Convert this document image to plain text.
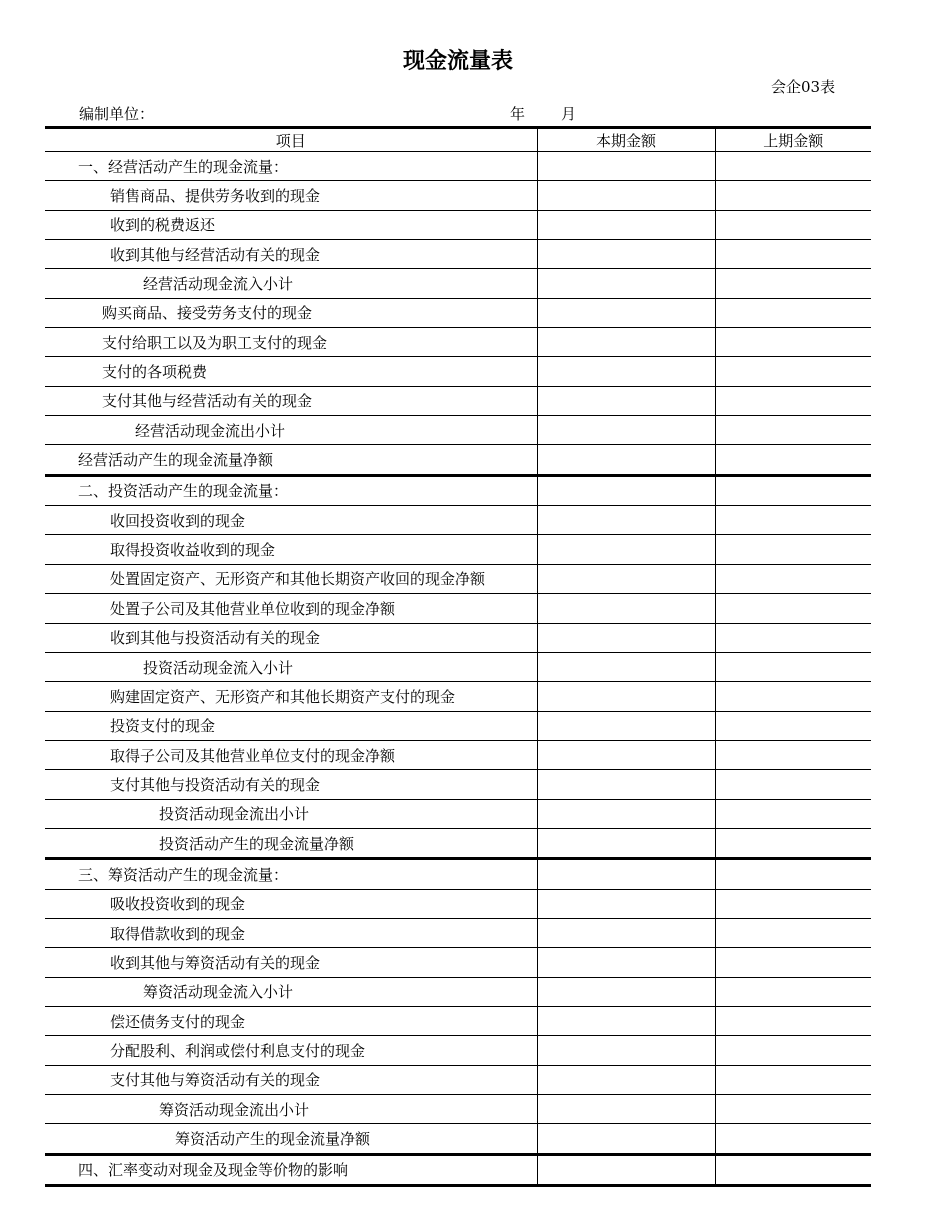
现金流量表
会企03表
编制单位：	年 月
项目	本期金额	上期金额
一、经营活动产生的现金流量：		
销售商品、提供劳务收到的现金		
收到的税费返还		
收到其他与经营活动有关的现金		
经营活动现金流入小计		
购买商品、接受劳务支付的现金		
支付给职工以及为职工支付的现金		
支付的各项税费		
支付其他与经营活动有关的现金		
经营活动现金流出小计		
经营活动产生的现金流量净额		
二、投资活动产生的现金流量：		
收回投资收到的现金		
取得投资收益收到的现金		
处置固定资产、无形资产和其他长期资产收回的现金净额		
处置子公司及其他营业单位收到的现金净额		
收到其他与投资活动有关的现金		
投资活动现金流入小计		
购建固定资产、无形资产和其他长期资产支付的现金		
投资支付的现金		
取得子公司及其他营业单位支付的现金净额		
支付其他与投资活动有关的现金		
投资活动现金流出小计		
投资活动产生的现金流量净额		
三、筹资活动产生的现金流量：		
吸收投资收到的现金		
取得借款收到的现金		
收到其他与筹资活动有关的现金		
筹资活动现金流入小计		
偿还债务支付的现金		
分配股利、利润或偿付利息支付的现金		
支付其他与筹资活动有关的现金		
筹资活动现金流出小计		
筹资活动产生的现金流量净额		
四、汇率变动对现金及现金等价物的影响		
